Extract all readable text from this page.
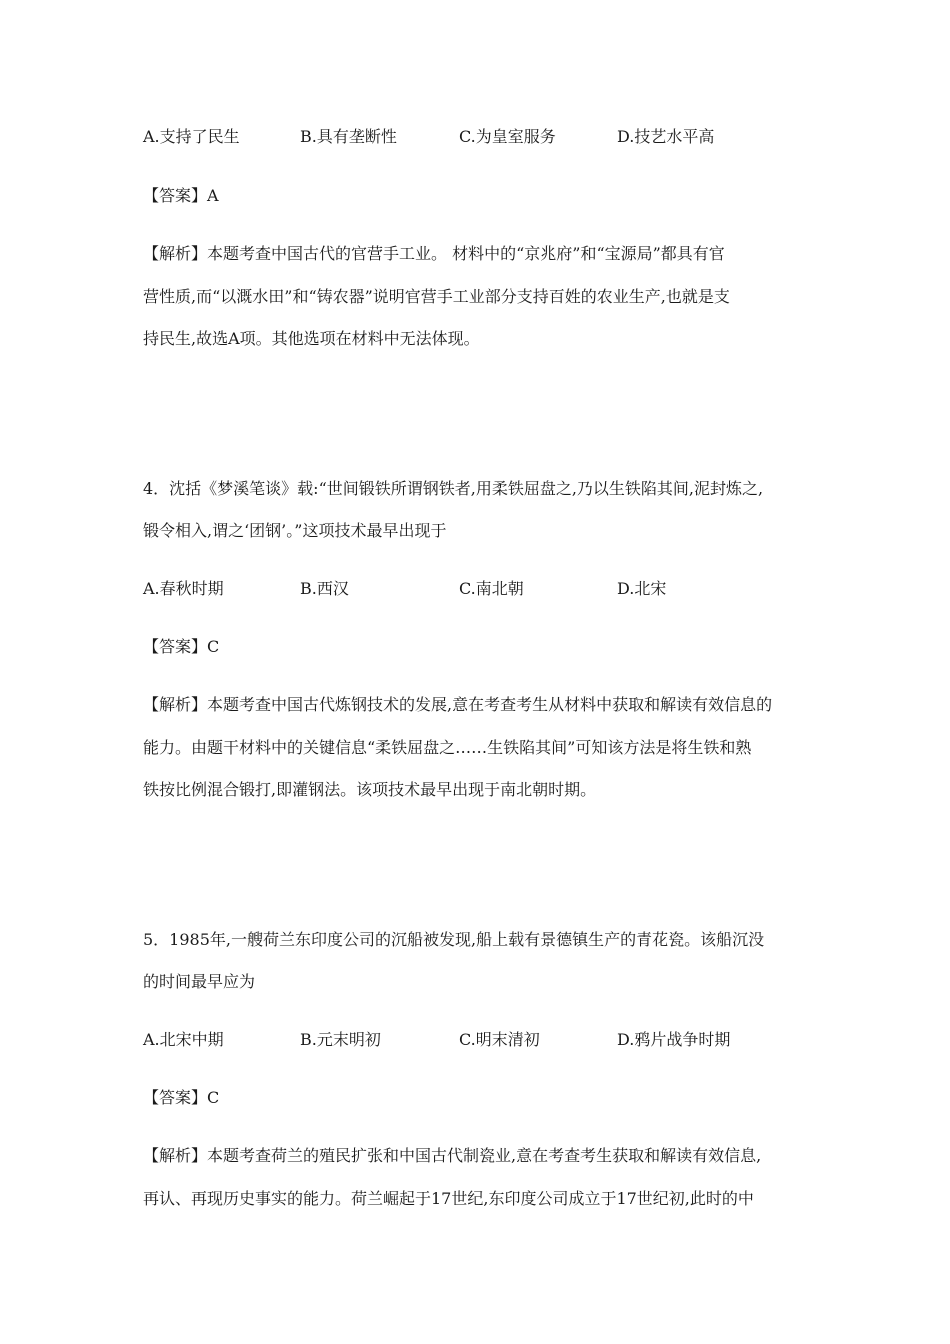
A.支持了民生	B.具有垄断性	C.为皇室服务	D.技艺水平高
【答案】A
【解析】本题考查中国古代的官营手工业。 材料中的“京兆府”和“宝源局”都具有官
营性质,而“以溉水田”和“铸农器”说明官营手工业部分支持百姓的农业生产,也就是支
持民生,故选A项。其他选项在材料中无法体现。
4．沈括《梦溪笔谈》载:“世间锻铁所谓钢铁者,用柔铁屈盘之,乃以生铁陷其间,泥封炼之,
锻令相入,谓之‘团钢’。”这项技术最早出现于
A.春秋时期	B.西汉	C.南北朝	D.北宋
【答案】C
【解析】本题考查中国古代炼钢技术的发展,意在考查考生从材料中获取和解读有效信息的
能力。由题干材料中的关键信息“柔铁屈盘之……生铁陷其间”可知该方法是将生铁和熟
铁按比例混合锻打,即灌钢法。该项技术最早出现于南北朝时期。
5．1985年,一艘荷兰东印度公司的沉船被发现,船上载有景德镇生产的青花瓷。该船沉没
的时间最早应为
A.北宋中期	B.元末明初	C.明末清初	D.鸦片战争时期
【答案】C
【解析】本题考查荷兰的殖民扩张和中国古代制瓷业,意在考查考生获取和解读有效信息,
再认、再现历史事实的能力。荷兰崛起于17世纪,东印度公司成立于17世纪初,此时的中
